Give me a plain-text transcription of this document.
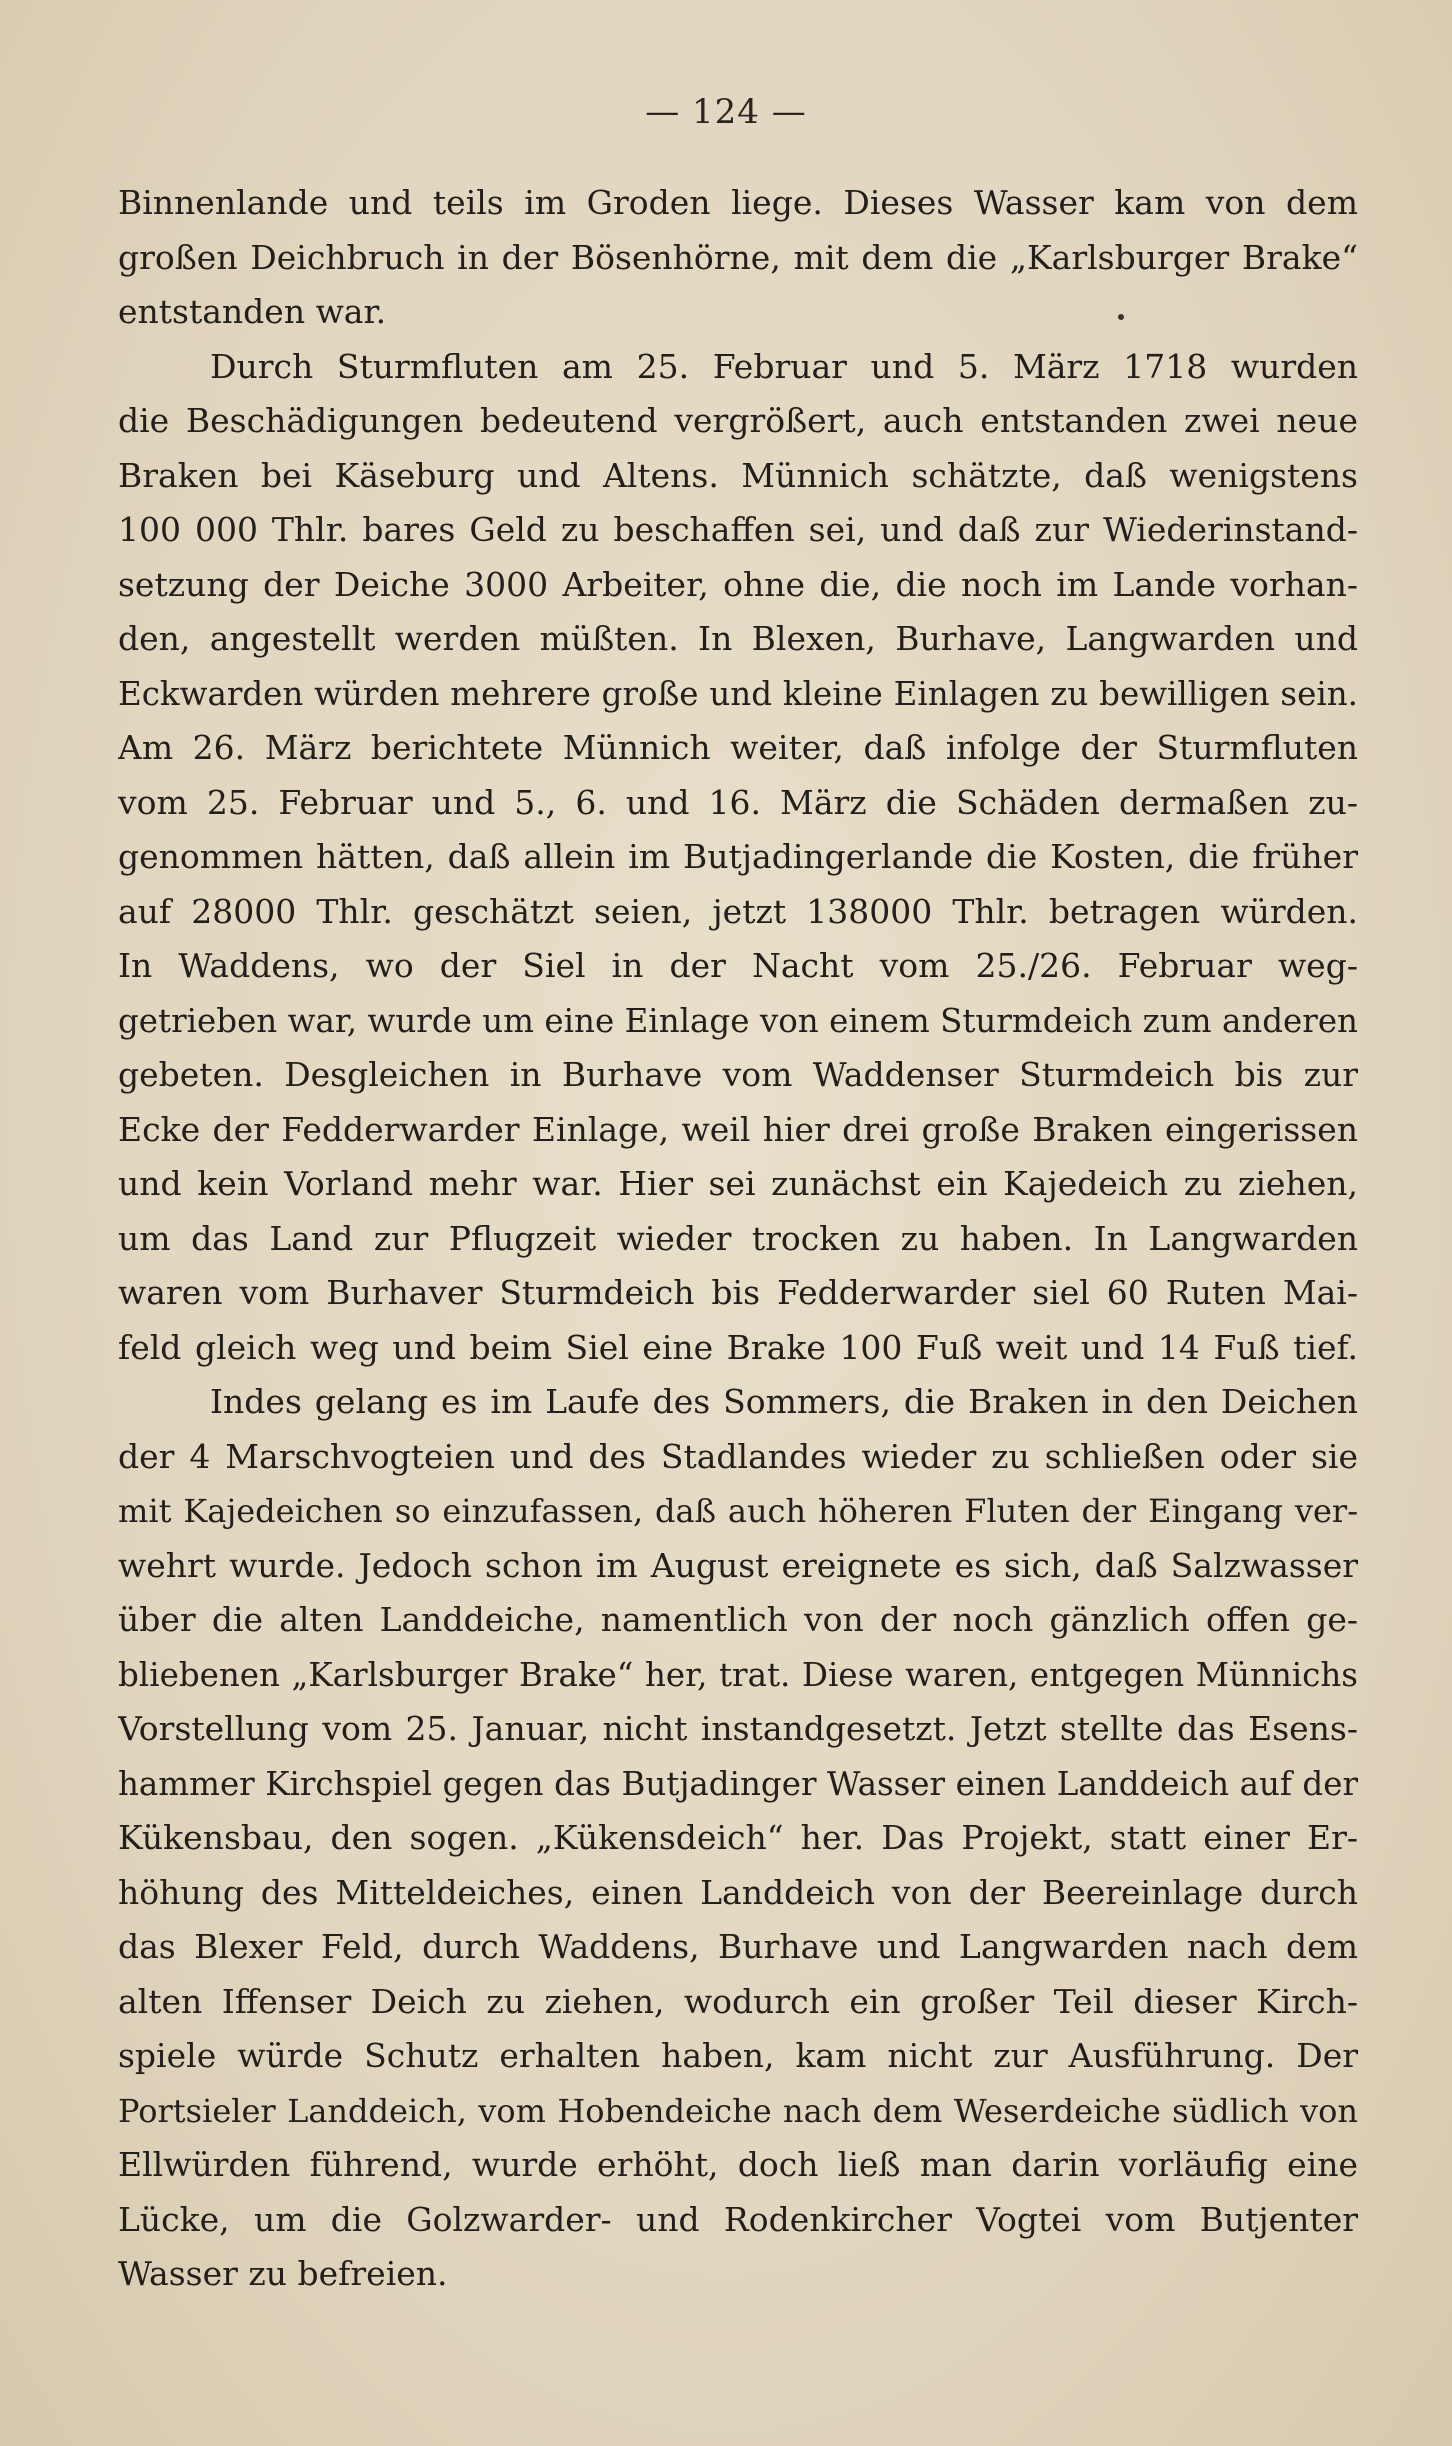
— 124 —
Binnenlande und teils im Groden liege. Dieses Wasser kam von dem
großen Deichbruch in der Bösenhörne, mit dem die „Karlsburger Brake“
entstanden war.
Durch Sturmfluten am 25. Februar und 5. März 1718 wurden
die Beschädigungen bedeutend vergrößert, auch entstanden zwei neue
Braken bei Käseburg und Altens. Münnich schätzte, daß wenigstens
100 000 Thlr. bares Geld zu beschaffen sei, und daß zur Wiederinstand-
setzung der Deiche 3000 Arbeiter, ohne die, die noch im Lande vorhan-
den, angestellt werden müßten. In Blexen, Burhave, Langwarden und
Eckwarden würden mehrere große und kleine Einlagen zu bewilligen sein.
Am 26. März berichtete Münnich weiter, daß infolge der Sturmfluten
vom 25. Februar und 5., 6. und 16. März die Schäden dermaßen zu-
genommen hätten, daß allein im Butjadingerlande die Kosten, die früher
auf 28000 Thlr. geschätzt seien, jetzt 138000 Thlr. betragen würden.
In Waddens, wo der Siel in der Nacht vom 25./26. Februar weg-
getrieben war, wurde um eine Einlage von einem Sturmdeich zum anderen
gebeten. Desgleichen in Burhave vom Waddenser Sturmdeich bis zur
Ecke der Fedderwarder Einlage, weil hier drei große Braken eingerissen
und kein Vorland mehr war. Hier sei zunächst ein Kajedeich zu ziehen,
um das Land zur Pflugzeit wieder trocken zu haben. In Langwarden
waren vom Burhaver Sturmdeich bis Fedderwarder siel 60 Ruten Mai-
feld gleich weg und beim Siel eine Brake 100 Fuß weit und 14 Fuß tief.
Indes gelang es im Laufe des Sommers, die Braken in den Deichen
der 4 Marschvogteien und des Stadlandes wieder zu schließen oder sie
mit Kajedeichen so einzufassen, daß auch höheren Fluten der Eingang ver-
wehrt wurde. Jedoch schon im August ereignete es sich, daß Salzwasser
über die alten Landdeiche, namentlich von der noch gänzlich offen ge-
bliebenen „Karlsburger Brake“ her, trat. Diese waren, entgegen Münnichs
Vorstellung vom 25. Januar, nicht instandgesetzt. Jetzt stellte das Esens-
hammer Kirchspiel gegen das Butjadinger Wasser einen Landdeich auf der
Kükensbau, den sogen. „Kükensdeich“ her. Das Projekt, statt einer Er-
höhung des Mitteldeiches, einen Landdeich von der Beereinlage durch
das Blexer Feld, durch Waddens, Burhave und Langwarden nach dem
alten Iffenser Deich zu ziehen, wodurch ein großer Teil dieser Kirch-
spiele würde Schutz erhalten haben, kam nicht zur Ausführung. Der
Portsieler Landdeich, vom Hobendeiche nach dem Weserdeiche südlich von
Ellwürden führend, wurde erhöht, doch ließ man darin vorläufig eine
Lücke, um die Golzwarder- und Rodenkircher Vogtei vom Butjenter
Wasser zu befreien.
